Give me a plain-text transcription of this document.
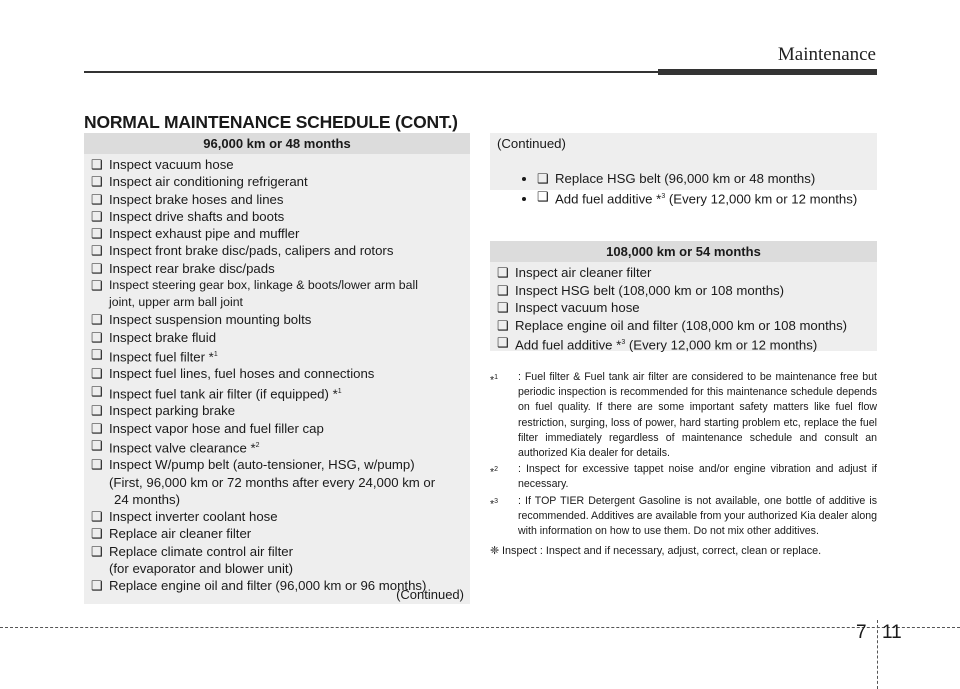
Maintenance
NORMAL MAINTENANCE SCHEDULE (CONT.)
96,000 km or 48 months
❑ Inspect vacuum hose
❑ Inspect air conditioning refrigerant
❑ Inspect brake hoses and lines
❑ Inspect drive shafts and boots
❑ Inspect exhaust pipe and muffler
❑ Inspect front brake disc/pads, calipers and rotors
❑ Inspect rear brake disc/pads
❑ Inspect steering gear box, linkage & boots/lower arm ball
joint, upper arm ball joint
❑ Inspect suspension mounting bolts
❑ Inspect brake fluid
❑ Inspect fuel filter *$^1$
❑ Inspect fuel lines, fuel hoses and connections
❑ Inspect fuel tank air filter (if equipped) *$^1$
❑ Inspect parking brake
❑ Inspect vapor hose and fuel filler cap
❑ Inspect valve clearance *$^2$
❑ Inspect W/pump belt (auto-tensioner, HSG, w/pump)
(First, 96,000 km or 72 months after every 24,000 km or
24 months)
❑ Inspect inverter coolant hose
❑ Replace air cleaner filter
❑ Replace climate control air filter
(for evaporator and blower unit)
❑ Replace engine oil and filter (96,000 km or 96 months)
(Continued)
(Continued)
• ❑ Replace HSG belt (96,000 km or 48 months)
• ❑ Add fuel additive *$^3$ (Every 12,000 km or 12 months)
108,000 km or 54 months
❑ Inspect air cleaner filter
❑ Inspect HSG belt (108,000 km or 108 months)
❑ Inspect vacuum hose
❑ Replace engine oil and filter (108,000 km or 108 months)
❑ Add fuel additive *$^3$ (Every 12,000 km or 12 months)
*$^1$ : Fuel filter & Fuel tank air filter are considered to be maintenance free but periodic inspection is recommended for this maintenance schedule depends on fuel quality. If there are some important safety matters like fuel flow restriction, surging, loss of power, hard starting problem etc, replace the fuel filter immediately regardless of maintenance schedule and consult an authorized Kia dealer for details.
*$^2$ : Inspect for excessive tappet noise and/or engine vibration and adjust if necessary.
*$^3$ : If TOP TIER Detergent Gasoline is not available, one bottle of additive is recommended. Additives are available from your authorized Kia dealer along with information on how to use them. Do not mix other additives.
❈ Inspect : Inspect and if necessary, adjust, correct, clean or replace.
7 11
